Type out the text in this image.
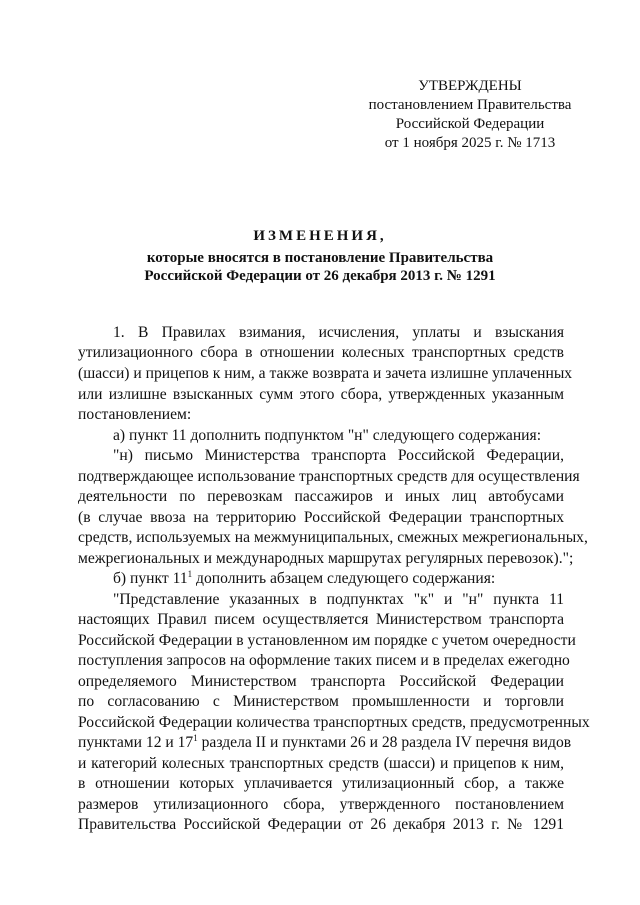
УТВЕРЖДЕНЫ
постановлением Правительства
Российской Федерации
от 1 ноября 2025 г. № 1713
ИЗМЕНЕНИЯ,
которые вносятся в постановление Правительства
Российской Федерации от 26 декабря 2013 г. № 1291
1. В Правилах взимания, исчисления, уплаты и взыскания
утилизационного сбора в отношении колесных транспортных средств
(шасси) и прицепов к ним, а также возврата и зачета излишне уплаченных
или излишне взысканных сумм этого сбора, утвержденных указанным
постановлением:
а) пункт 11 дополнить подпунктом "н" следующего содержания:
"н) письмо Министерства транспорта Российской Федерации,
подтверждающее использование транспортных средств для осуществления
деятельности по перевозкам пассажиров и иных лиц автобусами
(в случае ввоза на территорию Российской Федерации транспортных
средств, используемых на межмуниципальных, смежных межрегиональных,
межрегиональных и международных маршрутах регулярных перевозок).";
б) пункт $11^1$ дополнить абзацем следующего содержания:
"Представление указанных в подпунктах "к" и "н" пункта 11
настоящих Правил писем осуществляется Министерством транспорта
Российской Федерации в установленном им порядке с учетом очередности
поступления запросов на оформление таких писем и в пределах ежегодно
определяемого Министерством транспорта Российской Федерации
по согласованию с Министерством промышленности и торговли
Российской Федерации количества транспортных средств, предусмотренных
пунктами 12 и $17^1$ раздела II и пунктами 26 и 28 раздела IV перечня видов
и категорий колесных транспортных средств (шасси) и прицепов к ним,
в отношении которых уплачивается утилизационный сбор, а также
размеров утилизационного сбора, утвержденного постановлением
Правительства Российской Федерации от 26 декабря 2013 г. № 1291
